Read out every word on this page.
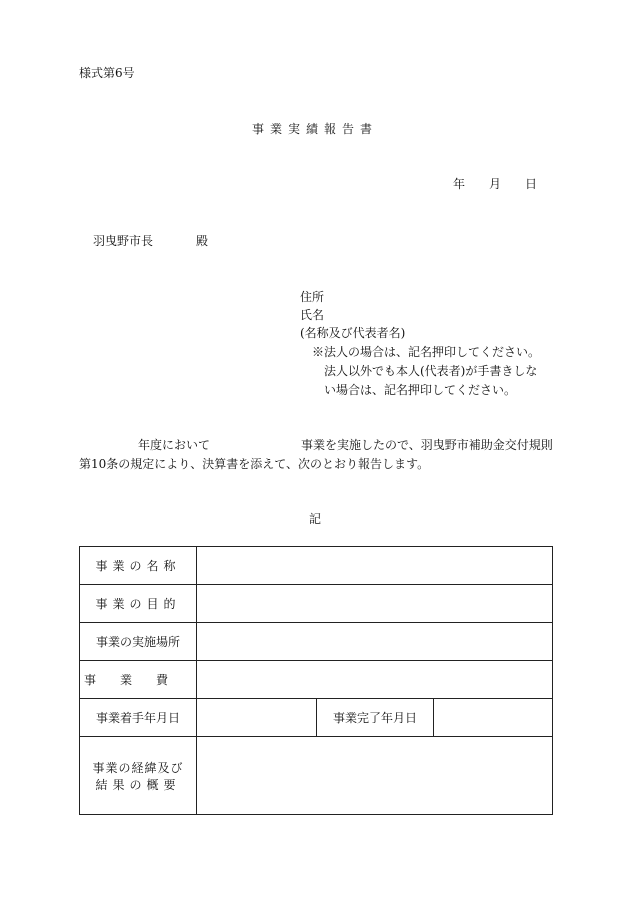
様式第6号
事業実績報告書
年 月 日
羽曳野市長	殿
住所
氏名
(名称及び代表者名)
※法人の場合は、記名押印してください。
法人以外でも本人(代表者)が手書きしな
い場合は、記名押印してください。
年度において	事業を実施したので、羽曳野市補助金交付規則
第10条の規定により、決算書を添えて、次のとおり報告します。
記
事業の名称			
事業の目的			
事業の実施場所			
事業費			
事業着手年月日		事業完了年月日	

事業の経緯及び
結果の概要			
